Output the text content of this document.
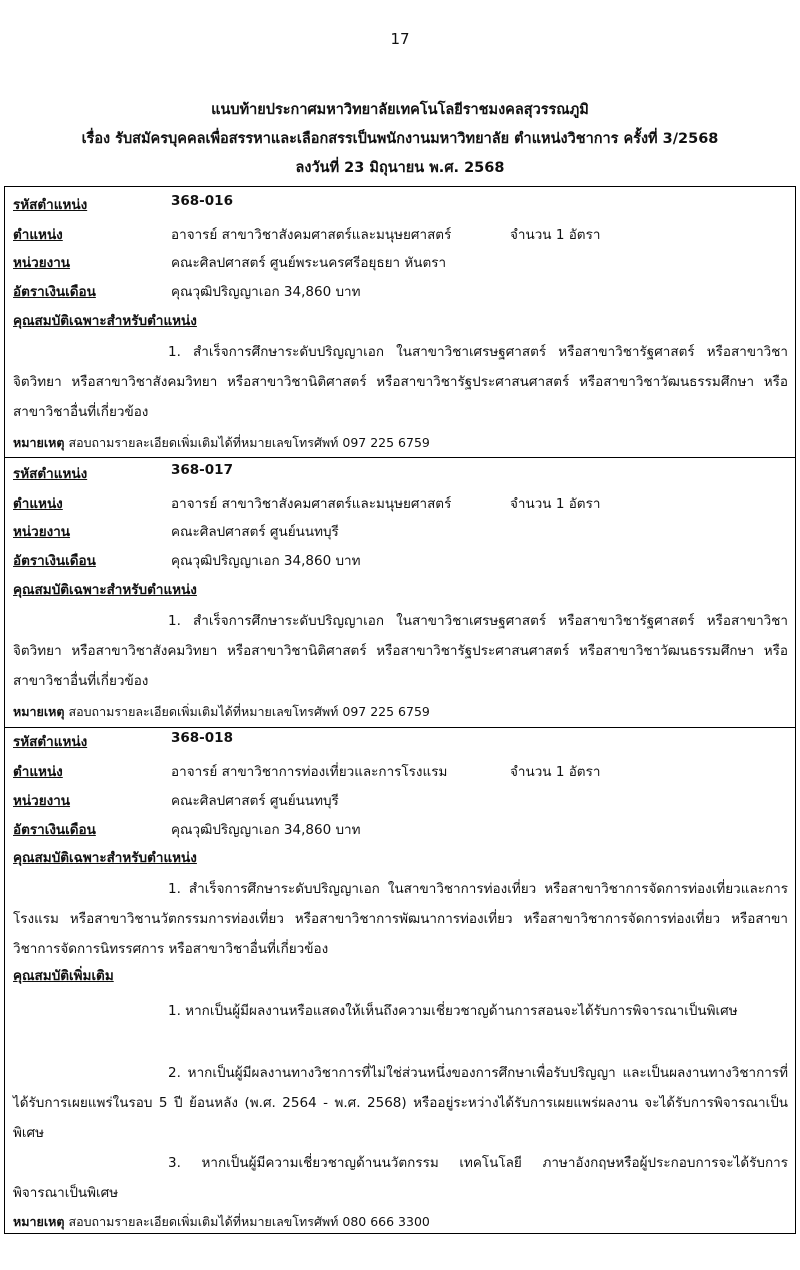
17
แนบท้ายประกาศมหาวิทยาลัยเทคโนโลยีราชมงคลสุวรรณภูมิ
เรื่อง รับสมัครบุคคลเพื่อสรรหาและเลือกสรรเป็นพนักงานมหาวิทยาลัย ตำแหน่งวิชาการ ครั้งที่ 3/2568
ลงวันที่ 23 มิถุนายน พ.ศ. 2568
รหัสตำแหน่ง	368-016
ตำแหน่ง	อาจารย์ สาขาวิชาสังคมศาสตร์และมนุษยศาสตร์	จำนวน 1 อัตรา
หน่วยงาน	คณะศิลปศาสตร์ ศูนย์พระนครศรีอยุธยา หันตรา
อัตราเงินเดือน	คุณวุฒิปริญญาเอก 34,860 บาท
คุณสมบัติเฉพาะสำหรับตำแหน่ง
1. สำเร็จการศึกษาระดับปริญญาเอก ในสาขาวิชาเศรษฐศาสตร์ หรือสาขาวิชารัฐศาสตร์ หรือสาขาวิชาจิตวิทยา หรือสาขาวิชาสังคมวิทยา หรือสาขาวิชานิติศาสตร์ หรือสาขาวิชารัฐประศาสนศาสตร์ หรือสาขาวิชาวัฒนธรรมศึกษา หรือสาขาวิชาอื่นที่เกี่ยวข้อง
หมายเหตุ สอบถามรายละเอียดเพิ่มเติมได้ที่หมายเลขโทรศัพท์ 097 225 6759
รหัสตำแหน่ง	368-017
ตำแหน่ง	อาจารย์ สาขาวิชาสังคมศาสตร์และมนุษยศาสตร์	จำนวน 1 อัตรา
หน่วยงาน	คณะศิลปศาสตร์ ศูนย์นนทบุรี
อัตราเงินเดือน	คุณวุฒิปริญญาเอก 34,860 บาท
คุณสมบัติเฉพาะสำหรับตำแหน่ง
1. สำเร็จการศึกษาระดับปริญญาเอก ในสาขาวิชาเศรษฐศาสตร์ หรือสาขาวิชารัฐศาสตร์ หรือสาขาวิชาจิตวิทยา หรือสาขาวิชาสังคมวิทยา หรือสาขาวิชานิติศาสตร์ หรือสาขาวิชารัฐประศาสนศาสตร์ หรือสาขาวิชาวัฒนธรรมศึกษา หรือสาขาวิชาอื่นที่เกี่ยวข้อง
หมายเหตุ สอบถามรายละเอียดเพิ่มเติมได้ที่หมายเลขโทรศัพท์ 097 225 6759
รหัสตำแหน่ง	368-018
ตำแหน่ง	อาจารย์ สาขาวิชาการท่องเที่ยวและการโรงแรม	จำนวน 1 อัตรา
หน่วยงาน	คณะศิลปศาสตร์ ศูนย์นนทบุรี
อัตราเงินเดือน	คุณวุฒิปริญญาเอก 34,860 บาท
คุณสมบัติเฉพาะสำหรับตำแหน่ง
1. สำเร็จการศึกษาระดับปริญญาเอก ในสาขาวิชาการท่องเที่ยว หรือสาขาวิชาการจัดการท่องเที่ยวและการโรงแรม หรือสาขาวิชานวัตกรรมการท่องเที่ยว หรือสาขาวิชาการพัฒนาการท่องเที่ยว หรือสาขาวิชาการจัดการท่องเที่ยว หรือสาขาวิชาการจัดการนิทรรศการ หรือสาขาวิชาอื่นที่เกี่ยวข้อง
คุณสมบัติเพิ่มเติม
1. หากเป็นผู้มีผลงานหรือแสดงให้เห็นถึงความเชี่ยวชาญด้านการสอนจะได้รับการพิจารณาเป็นพิเศษ
2. หากเป็นผู้มีผลงานทางวิชาการที่ไม่ใช่ส่วนหนึ่งของการศึกษาเพื่อรับปริญญา และเป็นผลงานทางวิชาการที่ได้รับการเผยแพร่ในรอบ 5 ปี ย้อนหลัง (พ.ศ. 2564 - พ.ศ. 2568) หรืออยู่ระหว่างได้รับการเผยแพร่ผลงาน จะได้รับการพิจารณาเป็นพิเศษ
3. หากเป็นผู้มีความเชี่ยวชาญด้านนวัตกรรม เทคโนโลยี ภาษาอังกฤษหรือผู้ประกอบการจะได้รับการพิจารณาเป็นพิเศษ
หมายเหตุ สอบถามรายละเอียดเพิ่มเติมได้ที่หมายเลขโทรศัพท์ 080 666 3300
